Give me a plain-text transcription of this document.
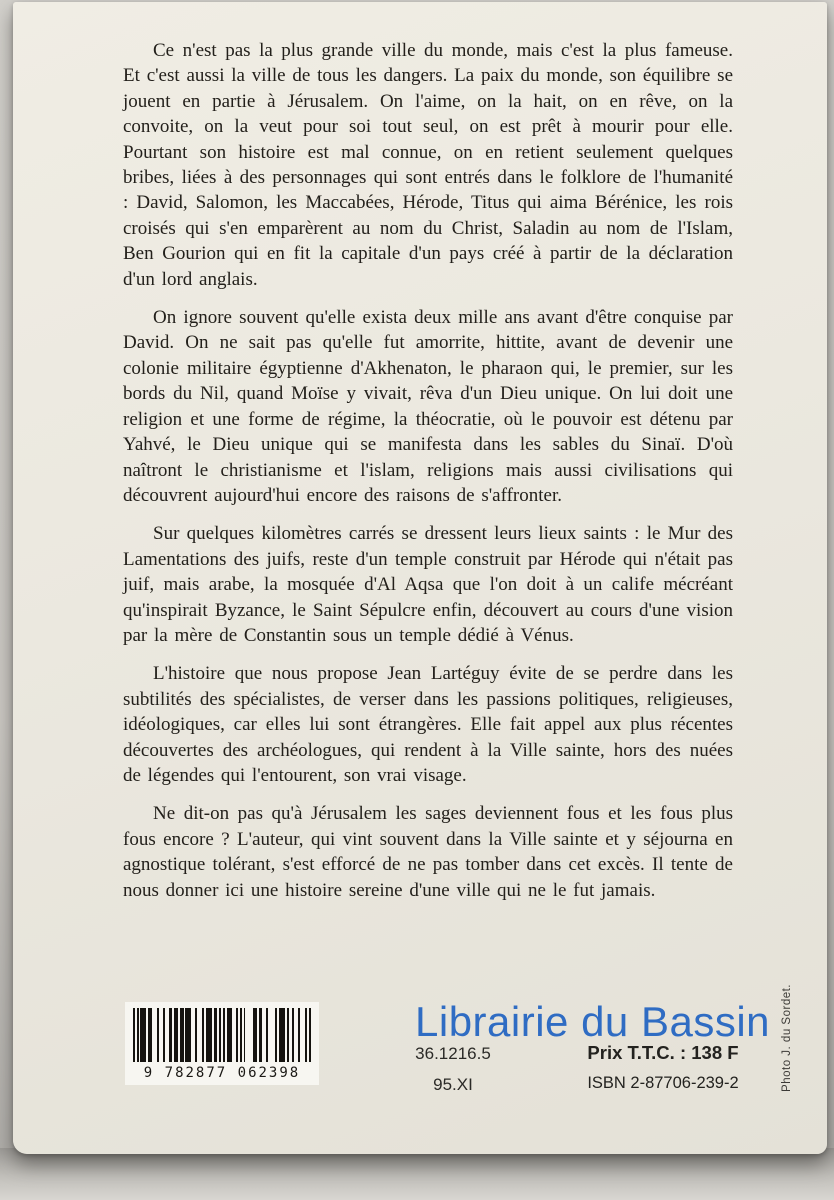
Ce n'est pas la plus grande ville du monde, mais c'est la plus fameuse. Et c'est aussi la ville de tous les dangers. La paix du monde, son équilibre se jouent en partie à Jérusalem. On l'aime, on la hait, on en rêve, on la convoite, on la veut pour soi tout seul, on est prêt à mourir pour elle. Pourtant son histoire est mal connue, on en retient seulement quelques bribes, liées à des personnages qui sont entrés dans le folklore de l'humanité : David, Salomon, les Maccabées, Hérode, Titus qui aima Bérénice, les rois croisés qui s'en emparèrent au nom du Christ, Saladin au nom de l'Islam, Ben Gourion qui en fit la capitale d'un pays créé à partir de la déclaration d'un lord anglais.

On ignore souvent qu'elle exista deux mille ans avant d'être conquise par David. On ne sait pas qu'elle fut amorrite, hittite, avant de devenir une colonie militaire égyptienne d'Akhenaton, le pharaon qui, le premier, sur les bords du Nil, quand Moïse y vivait, rêva d'un Dieu unique. On lui doit une religion et une forme de régime, la théocratie, où le pouvoir est détenu par Yahvé, le Dieu unique qui se manifesta dans les sables du Sinaï. D'où naîtront le christianisme et l'islam, religions mais aussi civilisations qui découvrent aujourd'hui encore des raisons de s'affronter.

Sur quelques kilomètres carrés se dressent leurs lieux saints : le Mur des Lamentations des juifs, reste d'un temple construit par Hérode qui n'était pas juif, mais arabe, la mosquée d'Al Aqsa que l'on doit à un calife mécréant qu'inspirait Byzance, le Saint Sépulcre enfin, découvert au cours d'une vision par la mère de Constantin sous un temple dédié à Vénus.

L'histoire que nous propose Jean Lartéguy évite de se perdre dans les subtilités des spécialistes, de verser dans les passions politiques, religieuses, idéologiques, car elles lui sont étrangères. Elle fait appel aux plus récentes découvertes des archéologues, qui rendent à la Ville sainte, hors des nuées de légendes qui l'entourent, son vrai visage.

Ne dit-on pas qu'à Jérusalem les sages deviennent fous et les fous plus fous encore ? L'auteur, qui vint souvent dans la Ville sainte et y séjourna en agnostique tolérant, s'est efforcé de ne pas tomber dans cet excès. Il tente de nous donner ici une histoire sereine d'une ville qui ne le fut jamais.

9 782877 062398
36.1216.5
95.XI
Prix T.T.C. : 138 F
ISBN 2-87706-239-2
Librairie du Bassin Photo J. du Sordet.
